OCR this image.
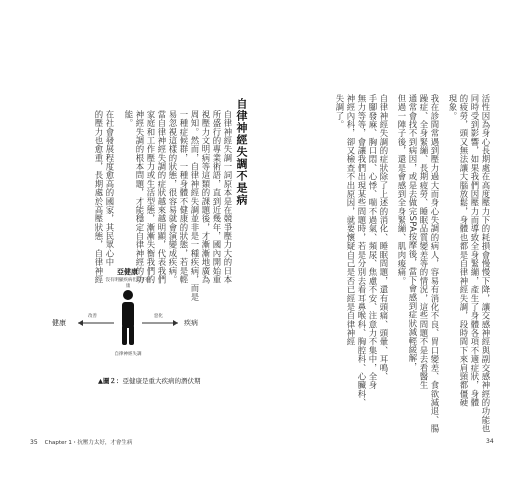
自律神經失調不是病
自律神經失調一詞原本是在競爭壓力大的日本
所盛行的專業術語，直到近幾年，國內開始重
視壓力文明病等這類的課題後，才漸漸地廣為
周知。然而，自律神經失調並非是一種疾病，而是
一種症候群，一種身體不健康的狀態，若是輕
易忽視這樣的狀態，很容易就會演變成疾病。
當自律神經失調的症狀越來越明顯，代表我們
家庭和工作壓力或生活型態，漸漸失衡我們的
神經失調的根本問題，才能穩定自律神經的功
能。
在社會發展程度愈高的國家，其民眾心中
的壓力也愈重，長期處於高壓狀態，自律神經 亞健康
沒有明顯疾病但是不健康
健康	疾病
改善	惡化
自律神經失調
▲圖２：亞健康是重大疾病的潛伏期	活性因為身心長期處在高度壓力下的耗損會慢慢下降，讓交感神經與副交感神經的功能也
同時受到影響，如果我們因壓力而導致全身緊繃，產生了身體各項不適症狀，身體
的疲勞，頭又無法讓大腦放鬆，身體也都是自律神經失調，段時間下來肩頸都僵硬
現象。
我在診間常遇到壓力過大而身心失調的病人，容易有消化不良、胃口變差、食欲減退、腸
躁症、全身緊繃、長期疲勞、睡眠品質變差等的情況，這些問題不是去看醫生
通常會找不到病因，或是去做完SPA按摩後，當下會感到症狀減輕緩解，
但過一陣子後，還是會感到全身緊繃、肌肉痠痛。
自律神經失調的症狀除了上述的消化、睡眠問題，還有頭痛、頭暈、耳鳴、
手腳發麻、胸口悶、心悸、喘不過氣、頻尿、焦慮不安、注意力不集中，全身
無力等等，會讓我們出現某些問題時，若是分別去看耳鼻喉科、胸腔科、心臟科、
神經內科，卻又檢查不出原因，就要懷疑自己是否已經是自律神經
失調了。
35 Chapter 1・抗壓力太好，才會生病	34
